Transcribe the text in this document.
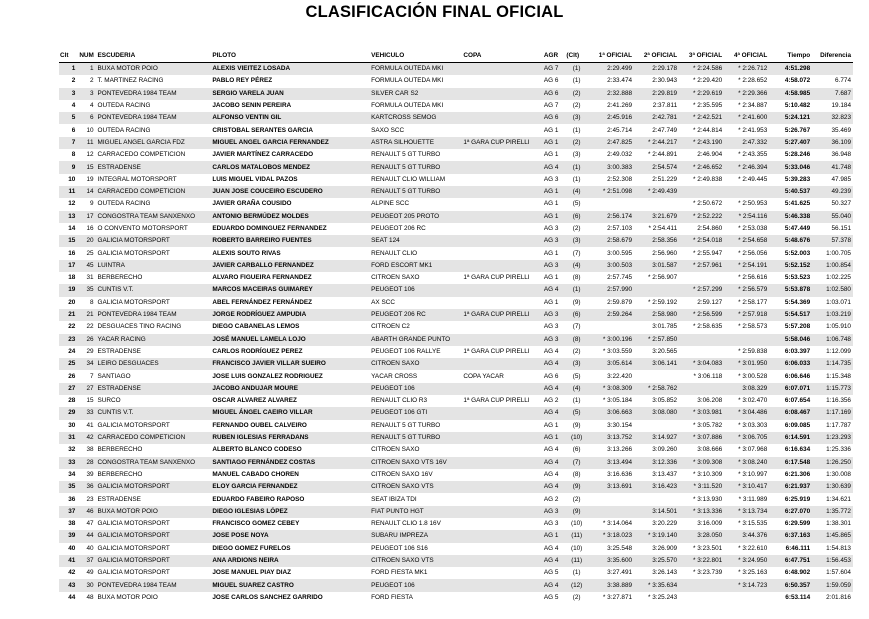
CLASIFICACIÓN FINAL OFICIAL
Clt	NUM	ESCUDERIA	PILOTO	VEHICULO	COPA	AGR	(Clt)	1ª OFICIAL	2ª OFICIAL	3ª OFICIAL	4ª OFICIAL	Tiempo	Diferencia
1	1	BUXA MOTOR POIO	ALEXIS VIEITEZ LOSADA	FORMULA OUTEDA MKI		AG 7	(1)	2:29.499	2:29.178	* 2:24.586	* 2:26.712	4:51.298	
2	2	T. MARTINEZ RACING	PABLO REY PÉREZ	FORMULA OUTEDA MKI		AG 6	(1)	2:33.474	2:30.943	* 2:29.420	* 2:28.652	4:58.072	6.774
3	3	PONTEVEDRA 1984 TEAM	SERGIO VARELA JUAN	SILVER CAR S2		AG 6	(2)	2:32.888	2:29.819	* 2:29.619	* 2:29.366	4:58.985	7.687
4	4	OUTEDA RACING	JACOBO SENIN PEREIRA	FORMULA OUTEDA MKI		AG 7	(2)	2:41.269	2:37.811	* 2:35.595	* 2:34.887	5:10.482	19.184
5	6	PONTEVEDRA 1984 TEAM	ALFONSO VENTIN GIL	KARTCROSS SEMOG		AG 6	(3)	2:45.916	2:42.781	* 2:42.521	* 2:41.600	5:24.121	32.823
6	10	OUTEDA RACING	CRISTOBAL SERANTES GARCIA	SAXO SCC		AG 1	(1)	2:45.714	2:47.749	* 2:44.814	* 2:41.953	5:26.767	35.469
7	11	MIGUEL ANGEL GARCIA FDZ	MIGUEL ANGEL GARCIA FERNANDEZ	ASTRA SILHOUETTE	1ª GARA CUP PIRELLI	AG 1	(2)	2:47.825	* 2:44.217	* 2:43.190	2:47.332	5:27.407	36.109
8	12	CARRACEDO COMPETICION	JAVIER MARTÍNEZ CARRACEDO	RENAULT 5 GT TURBO		AG 1	(3)	2:49.032	* 2:44.891	2:46.904	* 2:43.355	5:28.246	36.948
9	15	ESTRADENSE	CARLOS MATALOBOS MENDEZ	RENAULT 5 GT TURBO		AG 4	(1)	3:00.383	2:54.574	* 2:46.652	* 2:46.394	5:33.046	41.748
10	19	INTEGRAL MOTORSPORT	LUIS MIGUEL VIDAL PAZOS	RENAULT CLIO WILLIAM		AG 3	(1)	2:52.308	2:51.229	* 2:49.838	* 2:49.445	5:39.283	47.985
11	14	CARRACEDO COMPETICION	JUAN JOSE COUCEIRO ESCUDERO	RENAULT 5 GT TURBO		AG 1	(4)	* 2:51.098	* 2:49.439			5:40.537	49.239
12	9	OUTEDA RACING	JAVIER GRAÑA COUSIDO	ALPINE SCC		AG 1	(5)			* 2:50.672	* 2:50.953	5:41.625	50.327
13	17	CONGOSTRA TEAM SANXENXO	ANTONIO BERMÚDEZ MOLDES	PEUGEOT 205 PROTO		AG 1	(6)	2:56.174	3:21.679	* 2:52.222	* 2:54.116	5:46.338	55.040
14	16	O CONVENTO MOTORSPORT	EDUARDO DOMINGUEZ FERNANDEZ	PEUGEOT 206 RC		AG 3	(2)	2:57.103	* 2:54.411	2:54.860	* 2:53.038	5:47.449	56.151
15	20	GALICIA MOTORSPORT	ROBERTO BARREIRO FUENTES	SEAT 124		AG 3	(3)	2:58.679	2:58.356	* 2:54.018	* 2:54.658	5:48.676	57.378
16	25	GALICIA MOTORSPORT	ALEXIS SOUTO RIVAS	RENAULT CLIO		AG 1	(7)	3:00.595	2:56.960	* 2:55.947	* 2:56.056	5:52.003	1:00.705
17	45	LUINTRA	JAVIER CARBALLO FERNANDEZ	FORD ESCORT MK1		AG 3	(4)	3:00.503	3:01.587	* 2:57.961	* 2:54.191	5:52.152	1:00.854
18	31	BERBERECHO	ALVARO FIGUEIRA FERNANDEZ	CITROEN SAXO	1ª GARA CUP PIRELLI	AG 1	(8)	2:57.745	* 2:56.907		* 2:56.616	5:53.523	1:02.225
19	35	CUNTIS V.T.	MARCOS MACEIRAS GUIMAREY	PEUGEOT 106		AG 4	(1)	2:57.990		* 2:57.299	* 2:56.579	5:53.878	1:02.580
20	8	GALICIA MOTORSPORT	ABEL FERNÁNDEZ FERNÁNDEZ	AX SCC		AG 1	(9)	2:59.879	* 2:59.192	2:59.127	* 2:58.177	5:54.369	1:03.071
21	21	PONTEVEDRA 1984 TEAM	JORGE RODRÍGUEZ AMPUDIA	PEUGEOT 206 RC	1ª GARA CUP PIRELLI	AG 3	(6)	2:59.264	2:58.980	* 2:56.599	* 2:57.918	5:54.517	1:03.219
22	22	DESGUACES TINO RACING	DIEGO CABANELAS LEMOS	CITROEN C2		AG 3	(7)		3:01.785	* 2:58.635	* 2:58.573	5:57.208	1:05.910
23	26	YACAR RACING	JOSÉ MANUEL LAMELA LOJO	ABARTH GRANDE PUNTO		AG 3	(8)	* 3:00.196	* 2:57.850			5:58.046	1:06.748
24	29	ESTRADENSE	CARLOS RODRÍGUEZ PEREZ	PEUGEOT 106 RALLYE	1ª GARA CUP PIRELLI	AG 4	(2)	* 3:03.559	3:20.565		* 2:59.838	6:03.397	1:12.099
25	34	LEIRO DESGUACES	FRANCISCO JAVIER VILLAR SUEIRO	CITROEN SAXO		AG 4	(3)	3:05.614	3:06.141	* 3:04.083	* 3:01.950	6:06.033	1:14.735
26	7	SANTIAGO	JOSE LUIS GONZALEZ RODRIGUEZ	YACAR CROSS	COPA YACAR	AG 6	(5)	3:22.420		* 3:06.118	* 3:00.528	6:06.646	1:15.348
27	27	ESTRADENSE	JACOBO ANDUJAR MOURE	PEUGEOT 106		AG 4	(4)	* 3:08.309	* 2:58.762		3:08.329	6:07.071	1:15.773
28	15	SURCO	OSCAR ALVAREZ ALVAREZ	RENAULT CLIO R3	1ª GARA CUP PIRELLI	AG 2	(1)	* 3:05.184	3:05.852	3:06.208	* 3:02.470	6:07.654	1:16.356
29	33	CUNTIS V.T.	MIGUEL ÁNGEL CAEIRO VILLAR	PEUGEOT 106 GTI		AG 4	(5)	3:06.663	3:08.080	* 3:03.981	* 3:04.486	6:08.467	1:17.169
30	41	GALICIA MOTORSPORT	FERNANDO OUBEL CALVEIRO	RENAULT 5 GT TURBO		AG 1	(9)	3:30.154		* 3:05.782	* 3:03.303	6:09.085	1:17.787
31	42	CARRACEDO COMPETICION	RUBEN IGLESIAS FERRADANS	RENAULT 5 GT TURBO		AG 1	(10)	3:13.752	3:14.927	* 3:07.886	* 3:06.705	6:14.591	1:23.293
32	38	BERBERECHO	ALBERTO BLANCO CODESO	CITROEN SAXO		AG 4	(6)	3:13.266	3:09.260	3:08.666	* 3:07.968	6:16.634	1:25.336
33	28	CONGOSTRA TEAM SANXENXO	SANTIAGO FERNÁNDEZ COSTAS	CITROEN SAXO VTS 16V		AG 4	(7)	3:13.494	3:12.336	* 3:09.308	* 3:08.240	6:17.548	1:26.250
34	39	BERBERECHO	MANUEL CABADO CHOREN	CITROEN SAXO 16V		AG 4	(8)	3:16.636	3:13.437	* 3:10.309	* 3:10.997	6:21.306	1:30.008
35	36	GALICIA MOTORSPORT	ELOY GARCIA FERNANDEZ	CITROEN SAXO VTS		AG 4	(9)	3:13.691	3:16.423	* 3:11.520	* 3:10.417	6:21.937	1:30.639
36	23	ESTRADENSE	EDUARDO FABEIRO RAPOSO	SEAT IBIZA TDI		AG 2	(2)			* 3:13.930	* 3:11.989	6:25.919	1:34.621
37	46	BUXA MOTOR POIO	DIEGO IGLESIAS LÓPEZ	FIAT PUNTO HGT		AG 3	(9)		3:14.501	* 3:13.336	* 3:13.734	6:27.070	1:35.772
38	47	GALICIA MOTORSPORT	FRANCISCO GOMEZ CEBEY	RENAULT CLIO 1.8 16V		AG 3	(10)	* 3:14.064	3:20.229	3:16.009	* 3:15.535	6:29.599	1:38.301
39	44	GALICIA MOTORSPORT	JOSE POSE NOYA	SUBARU IMPREZA		AG 1	(11)	* 3:18.023	* 3:19.140	3:28.050	3:44.376	6:37.163	1:45.865
40	40	GALICIA MOTORSPORT	DIEGO GOMEZ FURELOS	PEUGEOT 106 S16		AG 4	(10)	3:25.548	3:26.909	* 3:23.501	* 3:22.610	6:46.111	1:54.813
41	37	GALICIA MOTORSPORT	ANA ARDIONS NEIRA	CITROEN SAXO VTS		AG 4	(11)	3:35.600	3:25.570	* 3:22.801	* 3:24.950	6:47.751	1:56.453
42	49	GALICIA MOTORSPORT	JOSE MANUEL PIAY DIAZ	FORD FIESTA MK1		AG 5	(1)	3:27.491	3:26.143	* 3:23.739	* 3:25.163	6:48.902	1:57.604
43	30	PONTEVEDRA 1984 TEAM	MIGUEL SUAREZ CASTRO	PEUGEOT 106		AG 4	(12)	3:38.889	* 3:35.634		* 3:14.723	6:50.357	1:59.059
44	48	BUXA MOTOR POIO	JOSE CARLOS SANCHEZ GARRIDO	FORD FIESTA		AG 5	(2)	* 3:27.871	* 3:25.243			6:53.114	2:01.816
